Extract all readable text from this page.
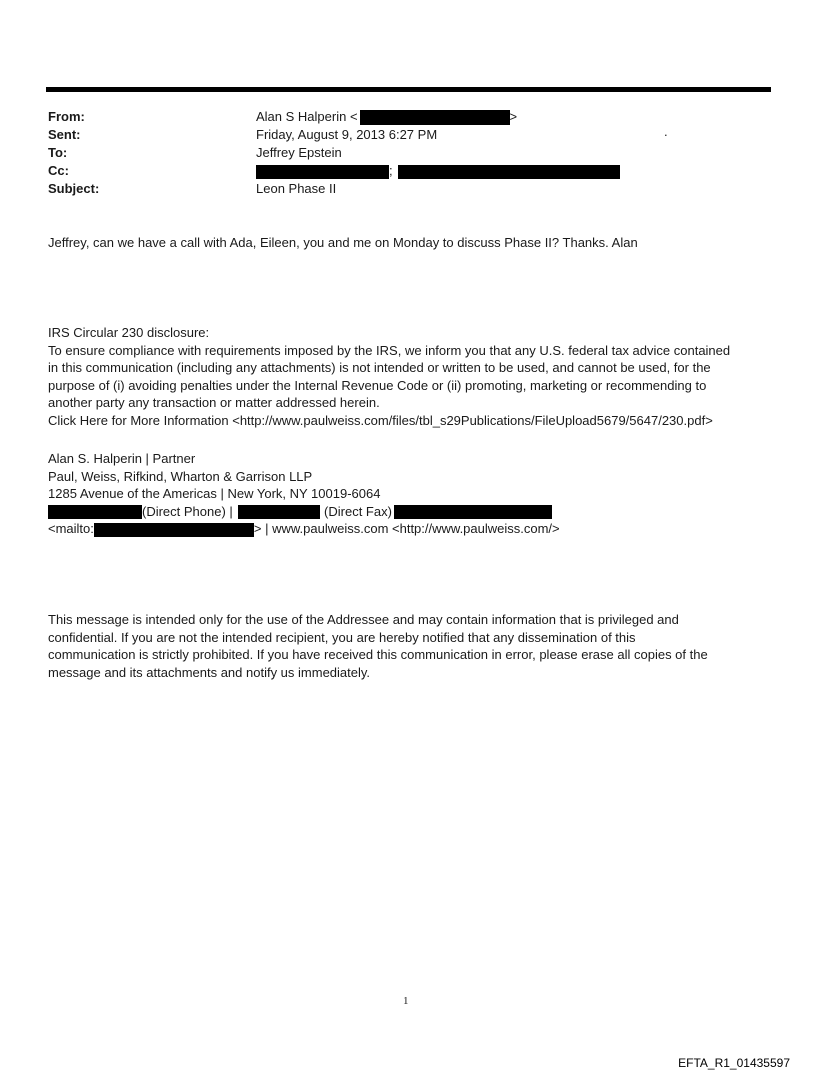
From:	Alan S Halperin <	>
Sent:	Friday, August 9, 2013 6:27 PM	.
To:	Jeffrey Epstein
Cc:	;
Subject:	Leon Phase II

Jeffrey, can we have a call with Ada, Eileen, you and me on Monday to discuss Phase II? Thanks. Alan

IRS Circular 230 disclosure:
To ensure compliance with requirements imposed by the IRS, we inform you that any U.S. federal tax advice contained
in this communication (including any attachments) is not intended or written to be used, and cannot be used, for the
purpose of (i) avoiding penalties under the Internal Revenue Code or (ii) promoting, marketing or recommending to
another party any transaction or matter addressed herein.
Click Here for More Information <http://www.paulweiss.com/files/tbl_s29Publications/FileUpload5679/5647/230.pdf>
Alan S. Halperin | Partner
Paul, Weiss, Rifkind, Wharton & Garrison LLP
1285 Avenue of the Americas | New York, NY 10019-6064
(Direct Phone) |	(Direct Fax)
<mailto:	> | www.paulweiss.com <http://www.paulweiss.com/>
This message is intended only for the use of the Addressee and may contain information that is privileged and
confidential. If you are not the intended recipient, you are hereby notified that any dissemination of this
communication is strictly prohibited. If you have received this communication in error, please erase all copies of the
message and its attachments and notify us immediately.
1
EFTA_R1_01435597
